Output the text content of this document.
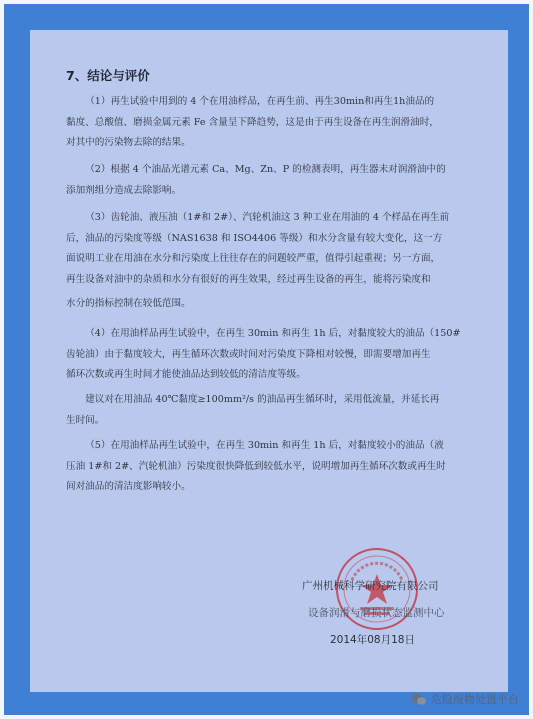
7、结论与评价
（1）再生试验中用到的 4 个在用油样品，在再生前、再生30min和再生1h油品的
黏度、总酸值、磨损金属元素 Fe 含量呈下降趋势，这是由于再生设备在再生润滑油时，
对其中的污染物去除的结果。
（2）根据 4 个油品光谱元素 Ca、Mg、Zn、P 的检测表明，再生器未对润滑油中的
添加剂组分造成去除影响。
（3）齿轮油、液压油（1#和 2#）、汽轮机油这 3 种工业在用油的 4 个样品在再生前
后，油品的污染度等级（NAS1638 和 ISO4406 等级）和水分含量有较大变化，这一方
面说明工业在用油在水分和污染度上往往存在的问题较严重，值得引起重视；另一方面，
再生设备对油中的杂质和水分有很好的再生效果，经过再生设备的再生，能将污染度和
水分的指标控制在较低范围。
（4）在用油样品再生试验中，在再生 30min 和再生 1h 后，对黏度较大的油品（150#
齿轮油）由于黏度较大，再生循环次数或时间对污染度下降相对较慢，即需要增加再生
循环次数或再生时间才能使油品达到较低的清洁度等级。
建议对在用油品 40℃黏度≥100mm²/s 的油品再生循环时，采用低流量，并延长再
生时间。
（5）在用油样品再生试验中，在再生 30min 和再生 1h 后，对黏度较小的油品（液
压油 1#和 2#、汽轮机油）污染度很快降低到较低水平，说明增加再生循环次数或再生时
间对油品的清洁度影响较小。
广州机械科学研究院有限公司
设备润滑与磨损状态监测中心
2014年08月18日
危险废物处置平台
